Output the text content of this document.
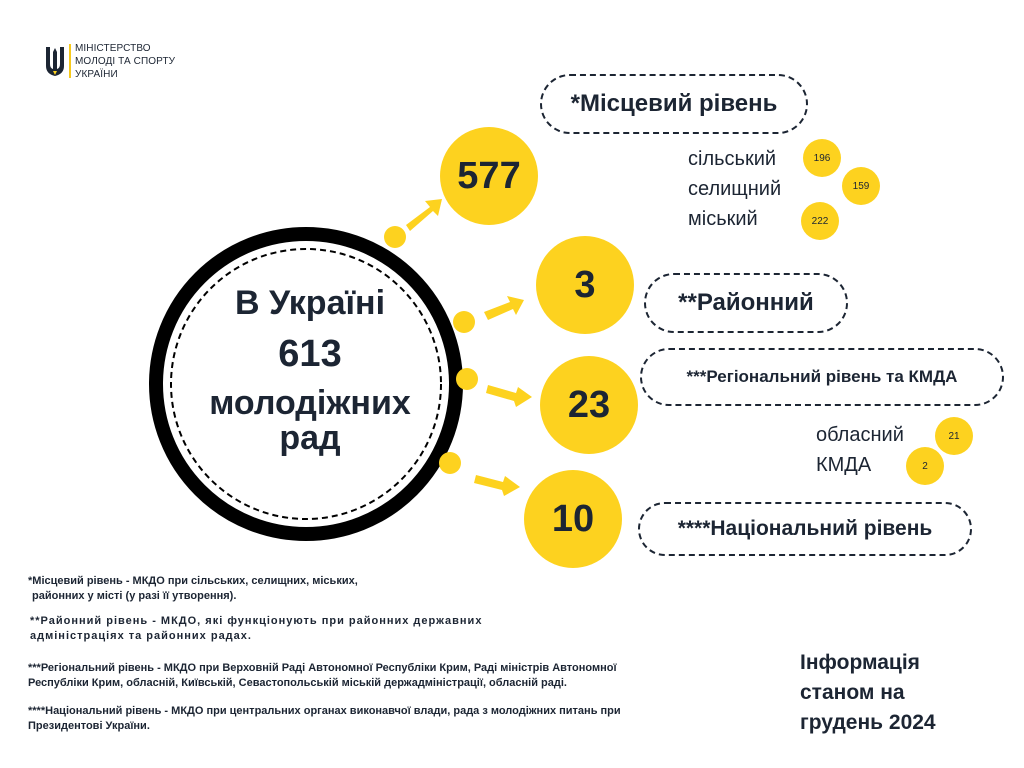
МІНІСТЕРСТВО
МОЛОДІ ТА СПОРТУ
УКРАЇНИ
В Україні
613
молодіжних
рад
577
3
23
10
*Місцевий рівень
**Районний
***Регіональний рівень та КМДА
****Національний рівень
сільський	196
селищний	159
міський	222
обласний	21
КМДА	2
*Місцевий рівень - МКДО при сільських, селищних, міських,
районних у місті (у разі її утворення).
**Районний рівень - МКДО, які функціонують при районних державних
адміністраціях та районних радах.
***Регіональний рівень - МКДО при Верховній Раді Автономної Республіки Крим, Раді міністрів Автономної
Республіки Крим, обласній, Київській, Севастопольській міській держадміністрації, обласній раді.
****Національний рівень - МКДО при центральних органах виконавчої влади, рада з молодіжних питань при
Президентові України.
Інформація
станом на
грудень 2024
